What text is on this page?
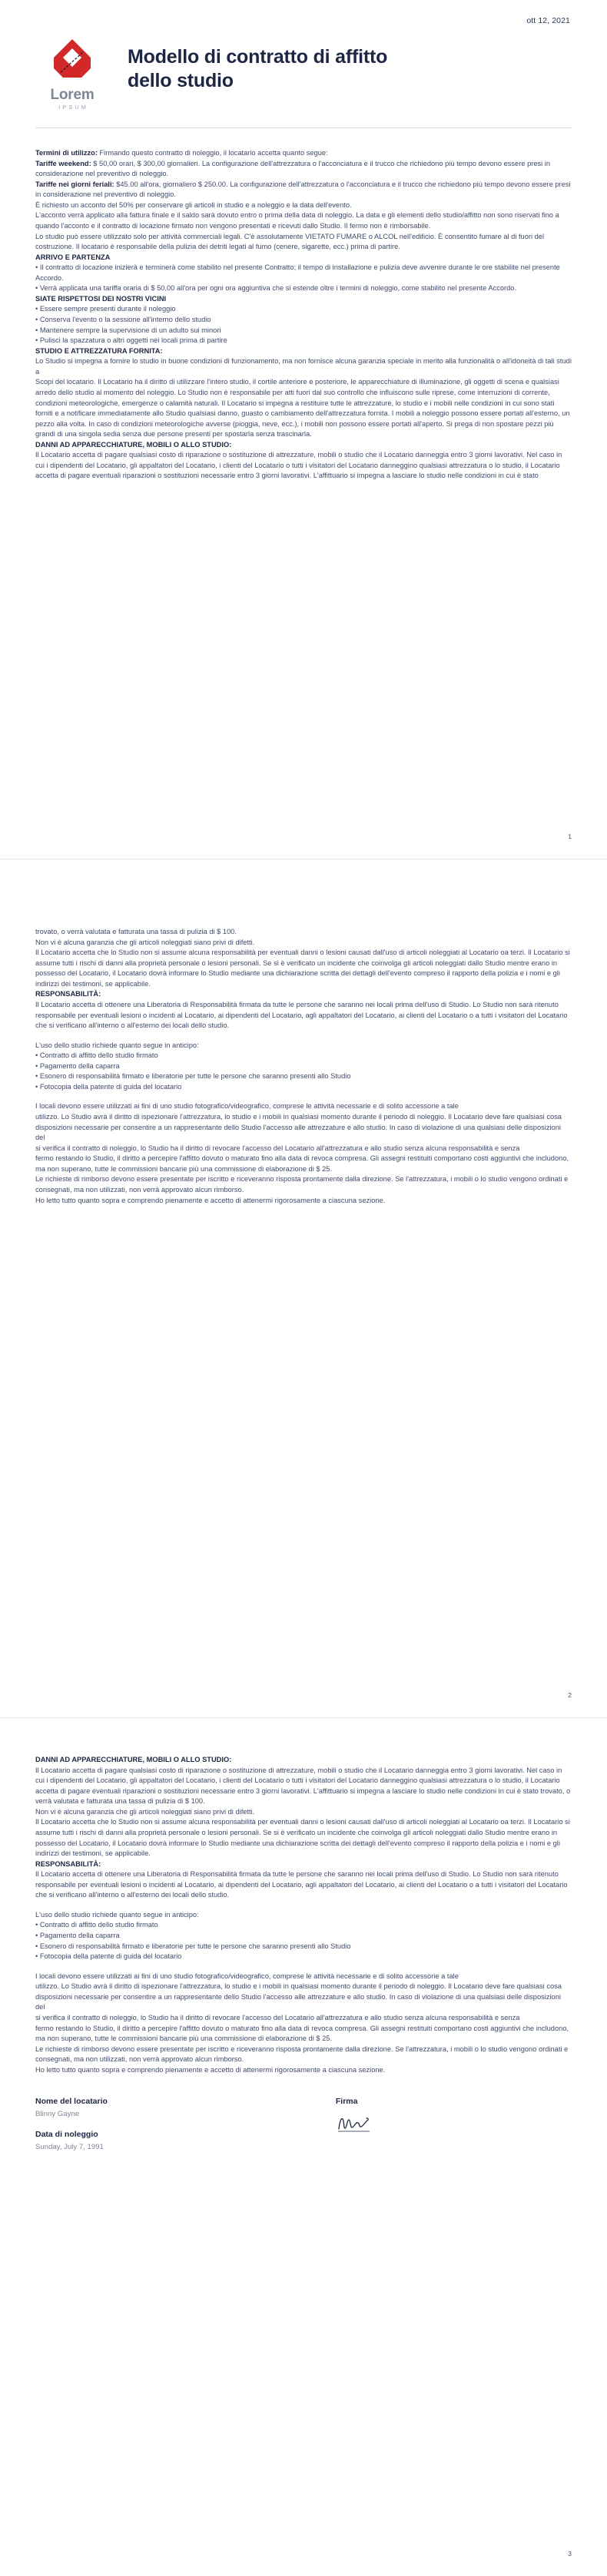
ott 12, 2021
Lorem
IPSUM
Modello di contratto di affitto dello studio

Termini di utilizzo: Firmando questo contratto di noleggio, il locatario accetta quanto segue:

Tariffe weekend: $ 50,00 orari, $ 300,00 giornalieri. La configurazione dell'attrezzatura o l'acconciatura e il trucco che richiedono più tempo devono essere presi in considerazione nel preventivo di noleggio.

Tariffe nei giorni feriali: $45.00 all'ora, giornaliero $ 250.00. La configurazione dell'attrezzatura o l'acconciatura e il trucco che richiedono più tempo devono essere presi in considerazione nel preventivo di noleggio.

È richiesto un acconto del 50% per conservare gli articoli in studio e a noleggio e la data dell'evento.

L'acconto verrà applicato alla fattura finale e il saldo sarà dovuto entro o prima della data di noleggio. La data e gli elementi dello studio/affitto non sono riservati fino a quando l'acconto e il contratto di locazione firmato non vengono presentati e ricevuti dallo Studio. Il fermo non è rimborsabile.

Lo studio può essere utilizzato solo per attività commerciali legali. C'è assolutamente VIETATO FUMARE o ALCOL nell'edificio. È consentito fumare al di fuori del

costruzione. Il locatario è responsabile della pulizia dei detriti legati al fumo (cenere, sigarette, ecc.) prima di partire.

ARRIVO E PARTENZA

• Il contratto di locazione inizierà e terminerà come stabilito nel presente Contratto; il tempo di installazione e pulizia deve avvenire durante le ore stabilite nel presente Accordo.

• Verrà applicata una tariffa oraria di $ 50,00 all'ora per ogni ora aggiuntiva che si estende oltre i termini di noleggio, come stabilito nel presente Accordo.

SIATE RISPETTOSI DEI NOSTRI VICINI

• Essere sempre presenti durante il noleggio

• Conserva l'evento o la sessione all'interno dello studio

• Mantenere sempre la supervisione di un adulto sui minori

• Pulisci la spazzatura o altri oggetti nei locali prima di partire

STUDIO E ATTREZZATURA FORNITA:

Lo Studio si impegna a fornire lo studio in buone condizioni di funzionamento, ma non fornisce alcuna garanzia speciale in merito alla funzionalità o all'idoneità di tali studi a

Scopi del locatario. Il Locatario ha il diritto di utilizzare l'intero studio, il cortile anteriore e posteriore, le apparecchiature di illuminazione, gli oggetti di scena e qualsiasi arredo dello studio al momento del noleggio. Lo Studio non è responsabile per atti fuori dal suo controllo che influiscono sulle riprese, come interruzioni di corrente, condizioni meteorologiche, emergenze o calamità naturali. Il Locatario si impegna a restituire tutte le attrezzature, lo studio e i mobili nelle condizioni in cui sono stati forniti e a notificare immediatamente allo Studio qualsiasi danno, guasto o cambiamento dell'attrezzatura fornita. I mobili a noleggio possono essere portati all'esterno, un pezzo alla volta. In caso di condizioni meteorologiche avverse (pioggia, neve, ecc.), i mobili non possono essere portati all'aperto. Si prega di non spostare pezzi più grandi di una singola sedia senza due persone presenti per spostarla senza trascinarla.

DANNI AD APPARECCHIATURE, MOBILI O ALLO STUDIO:

Il Locatario accetta di pagare qualsiasi costo di riparazione o sostituzione di attrezzature, mobili o studio che il Locatario danneggia entro 3 giorni lavorativi. Nel caso in cui i dipendenti del Locatario, gli appaltatori del Locatario, i clienti del Locatario o tutti i visitatori del Locatario danneggino qualsiasi attrezzatura o lo studio, il Locatario accetta di pagare eventuali riparazioni o sostituzioni necessarie entro 3 giorni lavorativi. L'affittuario si impegna a lasciare lo studio nelle condizioni in cui è stato

1

trovato, o verrà valutata e fatturata una tassa di pulizia di $ 100.

Non vi è alcuna garanzia che gli articoli noleggiati siano privi di difetti.

Il Locatario accetta che lo Studio non si assume alcuna responsabilità per eventuali danni o lesioni causati dall'uso di articoli noleggiati al Locatario oa terzi. Il Locatario si assume tutti i rischi di danni alla proprietà personale o lesioni personali. Se si è verificato un incidente che coinvolga gli articoli noleggiati dallo Studio mentre erano in possesso del Locatario, il Locatario dovrà informare lo Studio mediante una dichiarazione scritta dei dettagli dell'evento compreso il rapporto della polizia e i nomi e gli indirizzi dei testimoni, se applicabile.

RESPONSABILITÀ:

Il Locatario accetta di ottenere una Liberatoria di Responsabilità firmata da tutte le persone che saranno nei locali prima dell'uso di Studio. Lo Studio non sarà ritenuto responsabile per eventuali lesioni o incidenti al Locatario, ai dipendenti del Locatario, agli appaltatori del Locatario, ai clienti del Locatario o a tutti i visitatori del Locatario che si verificano all'interno o all'esterno dei locali dello studio.

L'uso dello studio richiede quanto segue in anticipo:

• Contratto di affitto dello studio firmato

• Pagamento della caparra

• Esonero di responsabilità firmato e liberatorie per tutte le persone che saranno presenti allo Studio

• Fotocopia della patente di guida del locatario

I locali devono essere utilizzati ai fini di uno studio fotografico/videografico, comprese le attività necessarie e di solito accessorie a tale

utilizzo. Lo Studio avrà il diritto di ispezionare l'attrezzatura, lo studio e i mobili in qualsiasi momento durante il periodo di noleggio. Il Locatario deve fare qualsiasi cosa

disposizioni necessarie per consentire a un rappresentante dello Studio l'accesso alle attrezzature e allo studio. In caso di violazione di una qualsiasi delle disposizioni del

si verifica il contratto di noleggio, lo Studio ha il diritto di revocare l'accesso del Locatario all'attrezzatura e allo studio senza alcuna responsabilità e senza

fermo restando lo Studio, il diritto a percepire l'affitto dovuto o maturato fino alla data di revoca compresa. Gli assegni restituiti comportano costi aggiuntivi che includono, ma non superano, tutte le commissioni bancarie più una commissione di elaborazione di $ 25.

Le richieste di rimborso devono essere presentate per iscritto e riceveranno risposta prontamente dalla direzione. Se l'attrezzatura, i mobili o lo studio vengono ordinati e consegnati, ma non utilizzati, non verrà approvato alcun rimborso.

Ho letto tutto quanto sopra e comprendo pienamente e accetto di attenermi rigorosamente a ciascuna sezione.

2

DANNI AD APPARECCHIATURE, MOBILI O ALLO STUDIO:

Il Locatario accetta di pagare qualsiasi costo di riparazione o sostituzione di attrezzature, mobili o studio che il Locatario danneggia entro 3 giorni lavorativi. Nel caso in cui i dipendenti del Locatario, gli appaltatori del Locatario, i clienti del Locatario o tutti i visitatori del Locatario danneggino qualsiasi attrezzatura o lo studio, il Locatario accetta di pagare eventuali riparazioni o sostituzioni necessarie entro 3 giorni lavorativi. L'affittuario si impegna a lasciare lo studio nelle condizioni in cui è stato trovato, o verrà valutata e fatturata una tassa di pulizia di $ 100.

Non vi è alcuna garanzia che gli articoli noleggiati siano privi di difetti.

Il Locatario accetta che lo Studio non si assume alcuna responsabilità per eventuali danni o lesioni causati dall'uso di articoli noleggiati al Locatario oa terzi. Il Locatario si assume tutti i rischi di danni alla proprietà personale o lesioni personali. Se si è verificato un incidente che coinvolga gli articoli noleggiati dallo Studio mentre erano in possesso del Locatario, il Locatario dovrà informare lo Studio mediante una dichiarazione scritta dei dettagli dell'evento compreso il rapporto della polizia e i nomi e gli indirizzi dei testimoni, se applicabile.

RESPONSABILITÀ:

Il Locatario accetta di ottenere una Liberatoria di Responsabilità firmata da tutte le persone che saranno nei locali prima dell'uso di Studio. Lo Studio non sarà ritenuto responsabile per eventuali lesioni o incidenti al Locatario, ai dipendenti del Locatario, agli appaltatori del Locatario, ai clienti del Locatario o a tutti i visitatori del Locatario che si verificano all'interno o all'esterno dei locali dello studio.

L'uso dello studio richiede quanto segue in anticipo:

• Contratto di affitto dello studio firmato

• Pagamento della caparra

• Esonero di responsabilità firmato e liberatorie per tutte le persone che saranno presenti allo Studio

• Fotocopia della patente di guida del locatario

I locali devono essere utilizzati ai fini di uno studio fotografico/videografico, comprese le attività necessarie e di solito accessorie a tale

utilizzo. Lo Studio avrà il diritto di ispezionare l'attrezzatura, lo studio e i mobili in qualsiasi momento durante il periodo di noleggio. Il Locatario deve fare qualsiasi cosa

disposizioni necessarie per consentire a un rappresentante dello Studio l'accesso alle attrezzature e allo studio. In caso di violazione di una qualsiasi delle disposizioni del

si verifica il contratto di noleggio, lo Studio ha il diritto di revocare l'accesso del Locatario all'attrezzatura e allo studio senza alcuna responsabilità e senza

fermo restando lo Studio, il diritto a percepire l'affitto dovuto o maturato fino alla data di revoca compresa. Gli assegni restituiti comportano costi aggiuntivi che includono, ma non superano, tutte le commissioni bancarie più una commissione di elaborazione di $ 25.

Le richieste di rimborso devono essere presentate per iscritto e riceveranno risposta prontamente dalla direzione. Se l'attrezzatura, i mobili o lo studio vengono ordinati e consegnati, ma non utilizzati, non verrà approvato alcun rimborso.

Ho letto tutto quanto sopra e comprendo pienamente e accetto di attenermi rigorosamente a ciascuna sezione.

Nome del locatario
Blinny Gayne
Data di noleggio
Sunday, July 7, 1991
Firma
3
